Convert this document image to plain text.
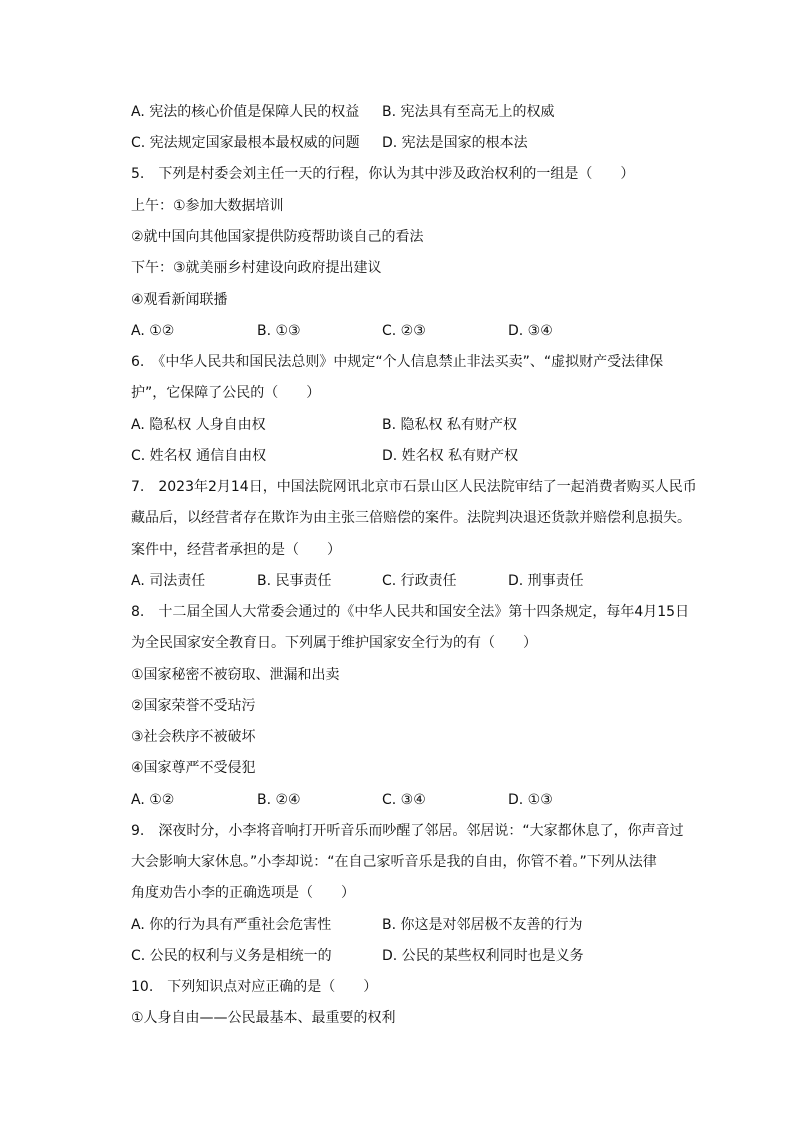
A. 宪法的核心价值是保障人民的权益 B. 宪法具有至高无上的权威

C. 宪法规定国家最根本最权威的问题 D. 宪法是国家的根本法

5.　下列是村委会刘主任一天的行程，你认为其中涉及政治权利的一组是（　　）

上午：①参加大数据培训

②就中国向其他国家提供防疫帮助谈自己的看法

下午：③就美丽乡村建设向政府提出建议

④观看新闻联播

A. ①②	B. ①③	C. ②③	D. ③④

6.　《中华人民共和国民法总则》中规定“个人信息禁止非法买卖”、“虚拟财产受法律保

护”，它保障了公民的（　　）

A. 隐私权 人身自由权	B. 隐私权 私有财产权

C. 姓名权 通信自由权	D. 姓名权 私有财产权

7.　2023年2月14日，中国法院网讯北京市石景山区人民法院审结了一起消费者购买人民币

藏品后，以经营者存在欺诈为由主张三倍赔偿的案件。法院判决退还货款并赔偿利息损失。

案件中，经营者承担的是（　　）

A. 司法责任	B. 民事责任	C. 行政责任	D. 刑事责任

8.　十二届全国人大常委会通过的《中华人民共和国安全法》第十四条规定，每年4月15日

为全民国家安全教育日。下列属于维护国家安全行为的有（　　）

①国家秘密不被窃取、泄漏和出卖

②国家荣誉不受玷污

③社会秩序不被破坏

④国家尊严不受侵犯

A. ①②	B. ②④	C. ③④	D. ①③

9.　深夜时分，小李将音响打开听音乐而吵醒了邻居。邻居说：“大家都休息了，你声音过

大会影响大家休息。”小李却说：“在自己家听音乐是我的自由，你管不着。”下列从法律

角度劝告小李的正确选项是（　　）

A. 你的行为具有严重社会危害性	B. 你这是对邻居极不友善的行为

C. 公民的权利与义务是相统一的	D. 公民的某些权利同时也是义务

10.　下列知识点对应正确的是（　　）

①人身自由——公民最基本、最重要的权利
